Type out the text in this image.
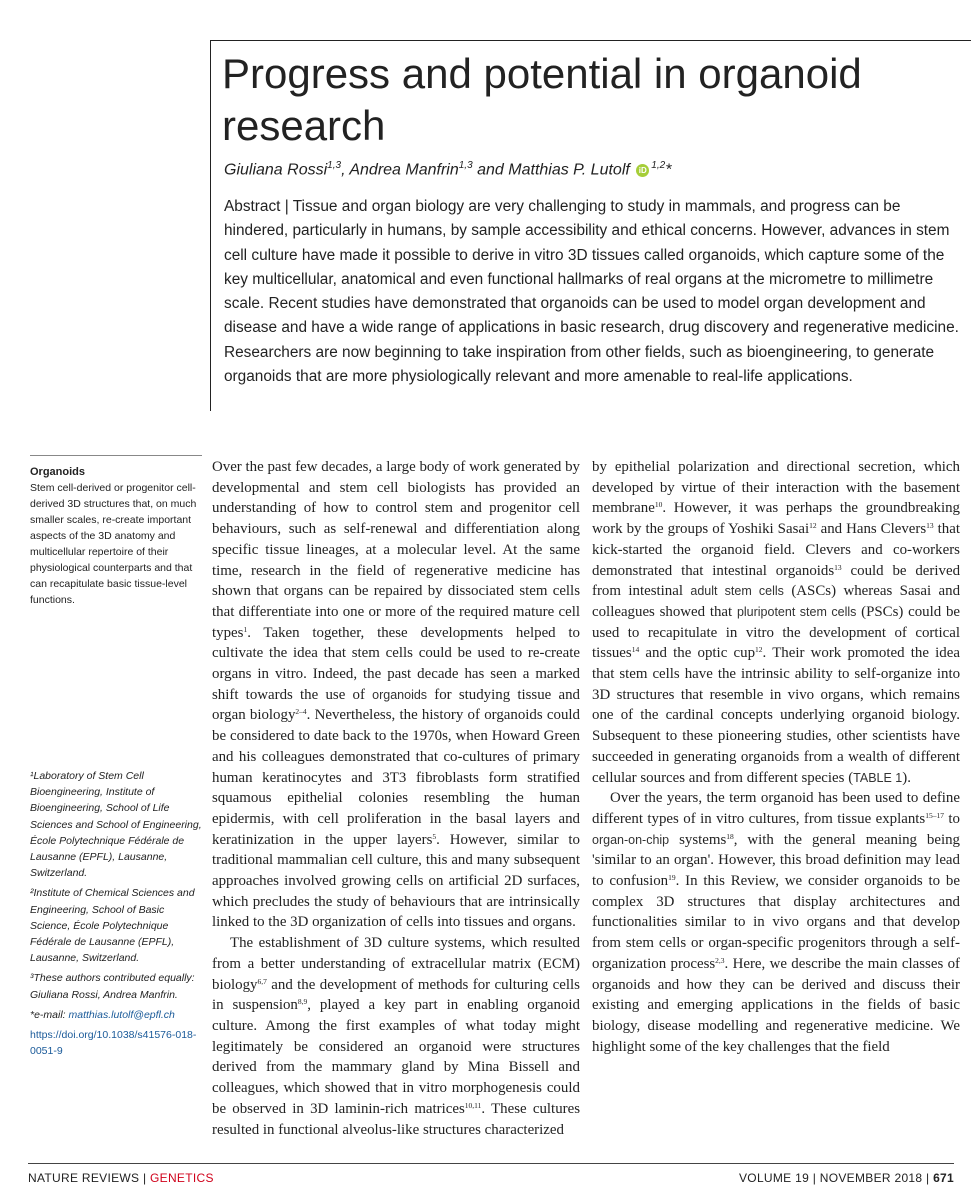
Progress and potential in organoid research
Giuliana Rossi$^{1,3}$, Andrea Manfrin$^{1,3}$ and Matthias P. Lutolf iD $^{1,2}$*

Abstract | Tissue and organ biology are very challenging to study in mammals, and progress can be hindered, particularly in humans, by sample accessibility and ethical concerns. However, advances in stem cell culture have made it possible to derive in vitro 3D tissues called organoids, which capture some of the key multicellular, anatomical and even functional hallmarks of real organs at the micrometre to millimetre scale. Recent studies have demonstrated that organoids can be used to model organ development and disease and have a wide range of applications in basic research, drug discovery and regenerative medicine. Researchers are now beginning to take inspiration from other fields, such as bioengineering, to generate organoids that are more physiologically relevant and more amenable to real-life applications.

Organoids

Stem cell-derived or progenitor cell-derived 3D structures that, on much smaller scales, re-create important aspects of the 3D anatomy and multicellular repertoire of their physiological counterparts and that can recapitulate basic tissue-level functions.

¹Laboratory of Stem Cell Bioengineering, Institute of Bioengineering, School of Life Sciences and School of Engineering, École Polytechnique Fédérale de Lausanne (EPFL), Lausanne, Switzerland.

²Institute of Chemical Sciences and Engineering, School of Basic Science, École Polytechnique Fédérale de Lausanne (EPFL), Lausanne, Switzerland.

³These authors contributed equally: Giuliana Rossi, Andrea Manfrin.

*e-mail: matthias.lutolf@epfl.ch

https://doi.org/10.1038/s41576-018-0051-9

Over the past few decades, a large body of work generated by developmental and stem cell biologists has provided an understanding of how to control stem and progenitor cell behaviours, such as self-renewal and differentiation along specific tissue lineages, at a molecular level. At the same time, research in the field of regenerative medicine has shown that organs can be repaired by dissociated stem cells that differentiate into one or more of the required mature cell types$^1$. Taken together, these developments helped to cultivate the idea that stem cells could be used to re-create organs in vitro. Indeed, the past decade has seen a marked shift towards the use of organoids for studying tissue and organ biology$^{2-4}$. Nevertheless, the history of organoids could be considered to date back to the 1970s, when Howard Green and his colleagues demonstrated that co-cultures of primary human keratinocytes and 3T3 fibroblasts form stratified squamous epithelial colonies resembling the human epidermis, with cell proliferation in the basal layers and keratinization in the upper layers$^5$. However, similar to traditional mammalian cell culture, this and many subsequent approaches involved growing cells on artificial 2D surfaces, which precludes the study of behaviours that are intrinsically linked to the 3D organization of cells into tissues and organs.

The establishment of 3D culture systems, which resulted from a better understanding of extracellular matrix (ECM) biology$^{6,7}$ and the development of methods for culturing cells in suspension$^{8,9}$, played a key part in enabling organoid culture. Among the first examples of what today might legitimately be considered an organoid were structures derived from the mammary gland by Mina Bissell and colleagues, which showed that in vitro morphogenesis could be observed in 3D laminin-rich matrices$^{10,11}$. These cultures resulted in functional alveolus-like structures characterized

by epithelial polarization and directional secretion, which developed by virtue of their interaction with the basement membrane$^{10}$. However, it was perhaps the groundbreaking work by the groups of Yoshiki Sasai$^{12}$ and Hans Clevers$^{13}$ that kick-started the organoid field. Clevers and co-workers demonstrated that intestinal organoids$^{13}$ could be derived from intestinal adult stem cells (ASCs) whereas Sasai and colleagues showed that pluripotent stem cells (PSCs) could be used to recapitulate in vitro the development of cortical tissues$^{14}$ and the optic cup$^{12}$. Their work promoted the idea that stem cells have the intrinsic ability to self-organize into 3D structures that resemble in vivo organs, which remains one of the cardinal concepts underlying organoid biology. Subsequent to these pioneering studies, other scientists have succeeded in generating organoids from a wealth of different cellular sources and from different species (TABLE 1).

Over the years, the term organoid has been used to define different types of in vitro cultures, from tissue explants$^{15-17}$ to organ-on-chip systems$^{18}$, with the general meaning being 'similar to an organ'. However, this broad definition may lead to confusion$^{19}$. In this Review, we consider organoids to be complex 3D structures that display architectures and functionalities similar to in vivo organs and that develop from stem cells or organ-specific progenitors through a self-organization process$^{2,3}$. Here, we describe the main classes of organoids and how they can be derived and discuss their existing and emerging applications in the fields of basic biology, disease modelling and regenerative medicine. We highlight some of the key challenges that the field

NATURE REVIEWS | GENETICS	VOLUME 19 | NOVEMBER 2018 | 671
